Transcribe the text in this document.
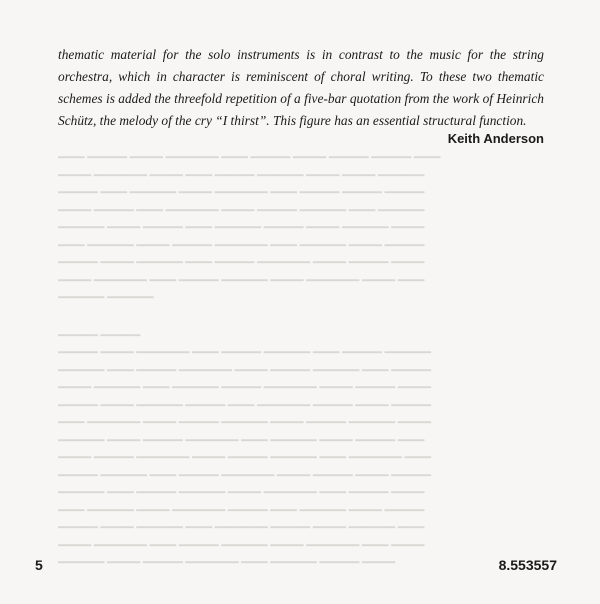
thematic material for the solo instruments is in contrast to the music for the string orchestra, which in character is reminiscent of choral writing. To these two thematic schemes is added the threefold repetition of a five-bar quotation from the work of Heinrich Schütz, the melody of the cry “I thirst”. This figure has an essential structural function.

Keith Anderson

━━━━ ━━━━━━ ━━━━━ ━━━━━━━━ ━━━━ ━━━━━━ ━━━━━ ━━━━━━ ━━━━━━ ━━━━
━━━━━ ━━━━━━━━ ━━━━━ ━━━━ ━━━━━━ ━━━━━━━ ━━━━━ ━━━━━ ━━━━━━━
━━━━━━ ━━━━ ━━━━━━━ ━━━━━ ━━━━━━━━ ━━━━ ━━━━━━ ━━━━━━ ━━━━━━
━━━━━ ━━━━━━ ━━━━ ━━━━━━━━ ━━━━━ ━━━━━━ ━━━━━━━ ━━━━ ━━━━━━━
━━━━━━━ ━━━━━ ━━━━━━ ━━━━ ━━━━━━━ ━━━━━━ ━━━━━ ━━━━━━━ ━━━━━
━━━━ ━━━━━━━ ━━━━━ ━━━━━━ ━━━━━━━━ ━━━━ ━━━━━━━ ━━━━━ ━━━━━━
━━━━━━ ━━━━━ ━━━━━━━ ━━━━ ━━━━━━ ━━━━━━━━ ━━━━━ ━━━━━━ ━━━━━
━━━━━ ━━━━━━━━ ━━━━ ━━━━━━ ━━━━━━━ ━━━━━ ━━━━━━━━ ━━━━━ ━━━━
━━━━━━━ ━━━━━━━
━━━━━━ ━━━━━━
━━━━━━ ━━━━━ ━━━━━━━━ ━━━━ ━━━━━━ ━━━━━━━ ━━━━ ━━━━━━ ━━━━━━━
━━━━━━━ ━━━━ ━━━━━━ ━━━━━━━━ ━━━━━ ━━━━━━ ━━━━━━━ ━━━━ ━━━━━━
━━━━━ ━━━━━━━ ━━━━ ━━━━━━━ ━━━━━━ ━━━━━━━━ ━━━━━ ━━━━━━ ━━━━━
━━━━━━ ━━━━━ ━━━━━━━ ━━━━━━ ━━━━ ━━━━━━━━ ━━━━━━ ━━━━━ ━━━━━━
━━━━ ━━━━━━━━ ━━━━━ ━━━━━━ ━━━━━━━ ━━━━━ ━━━━━━ ━━━━━━━ ━━━━━
━━━━━━━ ━━━━━ ━━━━━━ ━━━━━━━━ ━━━━ ━━━━━━━ ━━━━━ ━━━━━━ ━━━━
━━━━━ ━━━━━━ ━━━━━━━━ ━━━━━ ━━━━━━ ━━━━━━━ ━━━━ ━━━━━━━━ ━━━━
━━━━━━ ━━━━━━━ ━━━━ ━━━━━━ ━━━━━━━━ ━━━━━ ━━━━━━ ━━━━━ ━━━━━━
━━━━━━━ ━━━━ ━━━━━━ ━━━━━━━ ━━━━━ ━━━━━━━━ ━━━━ ━━━━━━ ━━━━━
━━━━ ━━━━━━━ ━━━━━ ━━━━━━━━ ━━━━━━ ━━━━ ━━━━━━━ ━━━━━ ━━━━━━
━━━━━━ ━━━━━ ━━━━━━━ ━━━━ ━━━━━━━━ ━━━━━━ ━━━━━ ━━━━━━━ ━━━━
━━━━━ ━━━━━━━━ ━━━━ ━━━━━━ ━━━━━━━ ━━━━━ ━━━━━━━━ ━━━━ ━━━━━
━━━━━━━ ━━━━━ ━━━━━━ ━━━━━━━━ ━━━━ ━━━━━━━ ━━━━━━ ━━━━━
5	8.553557
